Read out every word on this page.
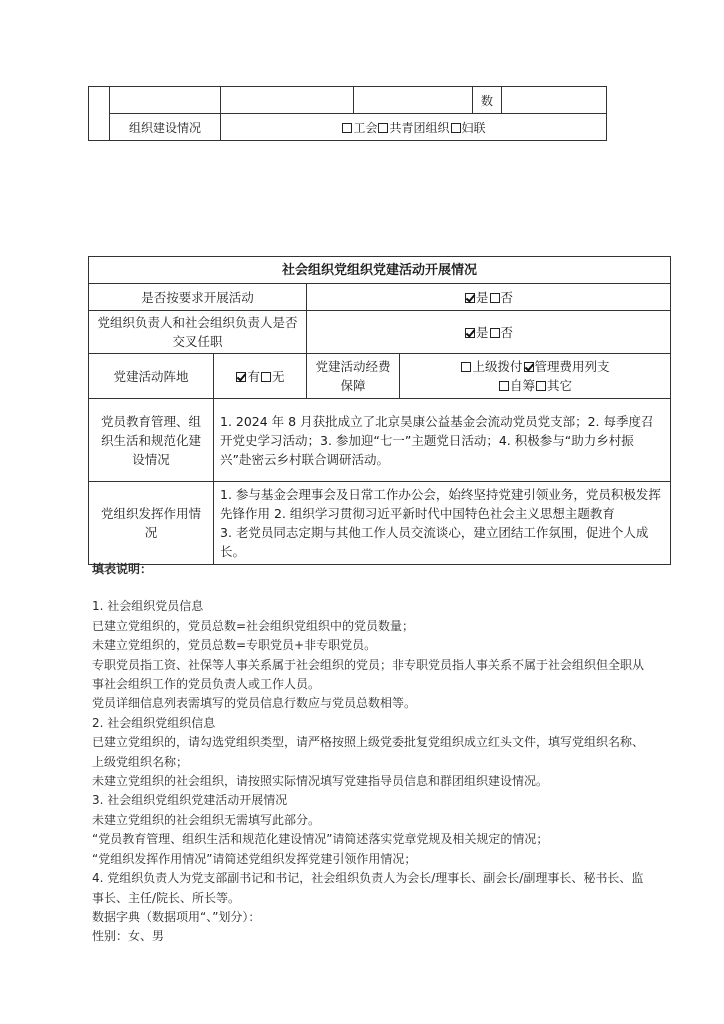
				数	
	组织建设情况	工会 共青团组织 妇联			
社会组织党组织党建活动开展情况			
是否按要求开展活动		是 否	
党组织负责人和社会组织负责人是否交叉任职		是 否	
党建活动阵地	有 无	党建活动经费保障	上级拨付 管理费用列支
自筹 其它
党员教育管理、组织生活和规范化建设情况	1. 2024 年 8 月获批成立了北京昊康公益基金会流动党员党支部；2. 每季度召开党史学习活动；3. 参加迎“七一”主题党日活动；4. 积极参与“助力乡村振兴”赴密云乡村联合调研活动。		
党组织发挥作用情况	1. 参与基金会理事会及日常工作办公会，始终坚持党建引领业务，党员积极发挥先锋作用 2. 组织学习贯彻习近平新时代中国特色社会主义思想主题教育
3. 老党员同志定期与其他工作人员交流谈心，建立团结工作氛围，促进个人成长。		
填表说明：

1. 社会组织党员信息

已建立党组织的，党员总数=社会组织党组织中的党员数量；

未建立党组织的，党员总数=专职党员+非专职党员。

专职党员指工资、社保等人事关系属于社会组织的党员；非专职党员指人事关系不属于社会组织但全职从事社会组织工作的党员负责人或工作人员。

党员详细信息列表需填写的党员信息行数应与党员总数相等。

2. 社会组织党组织信息

已建立党组织的，请勾选党组织类型，请严格按照上级党委批复党组织成立红头文件，填写党组织名称、上级党组织名称；

未建立党组织的社会组织，请按照实际情况填写党建指导员信息和群团组织建设情况。

3. 社会组织党组织党建活动开展情况

未建立党组织的社会组织无需填写此部分。

“党员教育管理、组织生活和规范化建设情况”请简述落实党章党规及相关规定的情况；

“党组织发挥作用情况”请简述党组织发挥党建引领作用情况；

4. 党组织负责人为党支部副书记和书记，社会组织负责人为会长/理事长、副会长/副理事长、秘书长、监事长、主任/院长、所长等。

数据字典（数据项用“、”划分）：

性别：女、男
